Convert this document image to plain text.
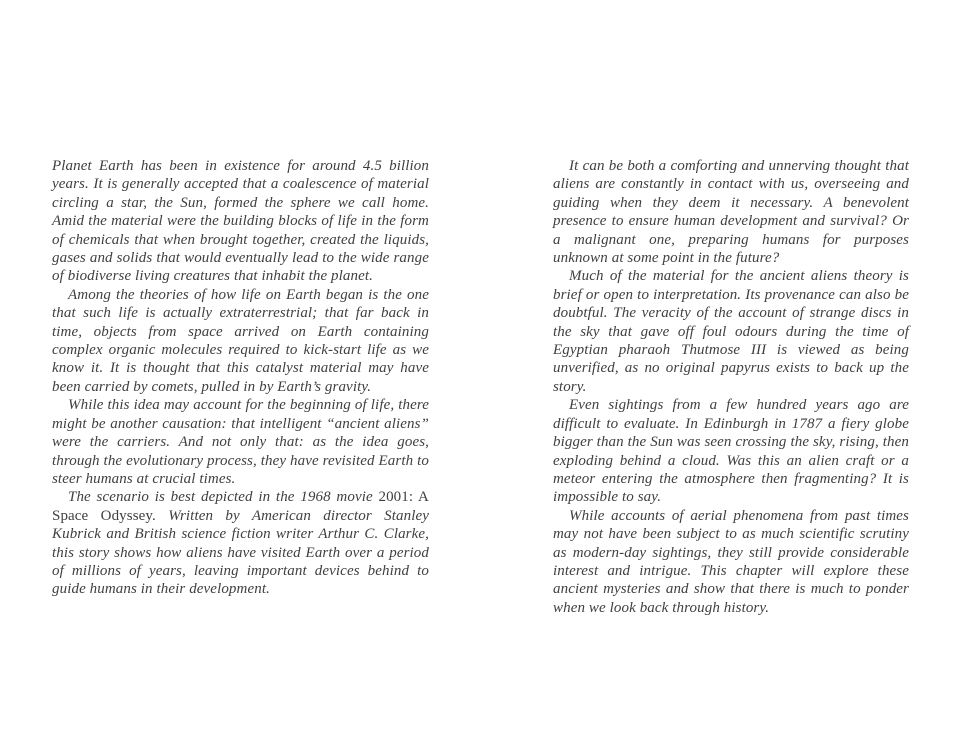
Planet Earth has been in existence for around 4.5 billion years. It is generally accepted that a coalescence of material circling a star, the Sun, formed the sphere we call home. Amid the material were the building blocks of life in the form of chemicals that when brought together, created the liquids, gases and solids that would eventually lead to the wide range of biodiverse living creatures that inhabit the planet.

Among the theories of how life on Earth began is the one that such life is actually extraterrestrial; that far back in time, objects from space arrived on Earth containing complex organic molecules required to kick-start life as we know it. It is thought that this catalyst material may have been carried by comets, pulled in by Earth’s gravity.

While this idea may account for the beginning of life, there might be another causation: that intelligent “ancient aliens” were the carriers. And not only that: as the idea goes, through the evolutionary process, they have revisited Earth to steer humans at crucial times.

The scenario is best depicted in the 1968 movie 2001: A Space Odyssey. Written by American director Stanley Kubrick and British science fiction writer Arthur C. Clarke, this story shows how aliens have visited Earth over a period of millions of years, leaving important devices behind to guide humans in their development.

It can be both a comforting and unnerving thought that aliens are constantly in contact with us, overseeing and guiding when they deem it necessary. A benevolent presence to ensure human development and survival? Or a malignant one, preparing humans for purposes unknown at some point in the future?

Much of the material for the ancient aliens theory is brief or open to interpretation. Its provenance can also be doubtful. The veracity of the account of strange discs in the sky that gave off foul odours during the time of Egyptian pharaoh Thutmose III is viewed as being unverified, as no original papyrus exists to back up the story.

Even sightings from a few hundred years ago are difficult to evaluate. In Edinburgh in 1787 a fiery globe bigger than the Sun was seen crossing the sky, rising, then exploding behind a cloud. Was this an alien craft or a meteor entering the atmosphere then fragmenting? It is impossible to say.

While accounts of aerial phenomena from past times may not have been subject to as much scientific scrutiny as modern-day sightings, they still provide considerable interest and intrigue. This chapter will explore these ancient mysteries and show that there is much to ponder when we look back through history.
